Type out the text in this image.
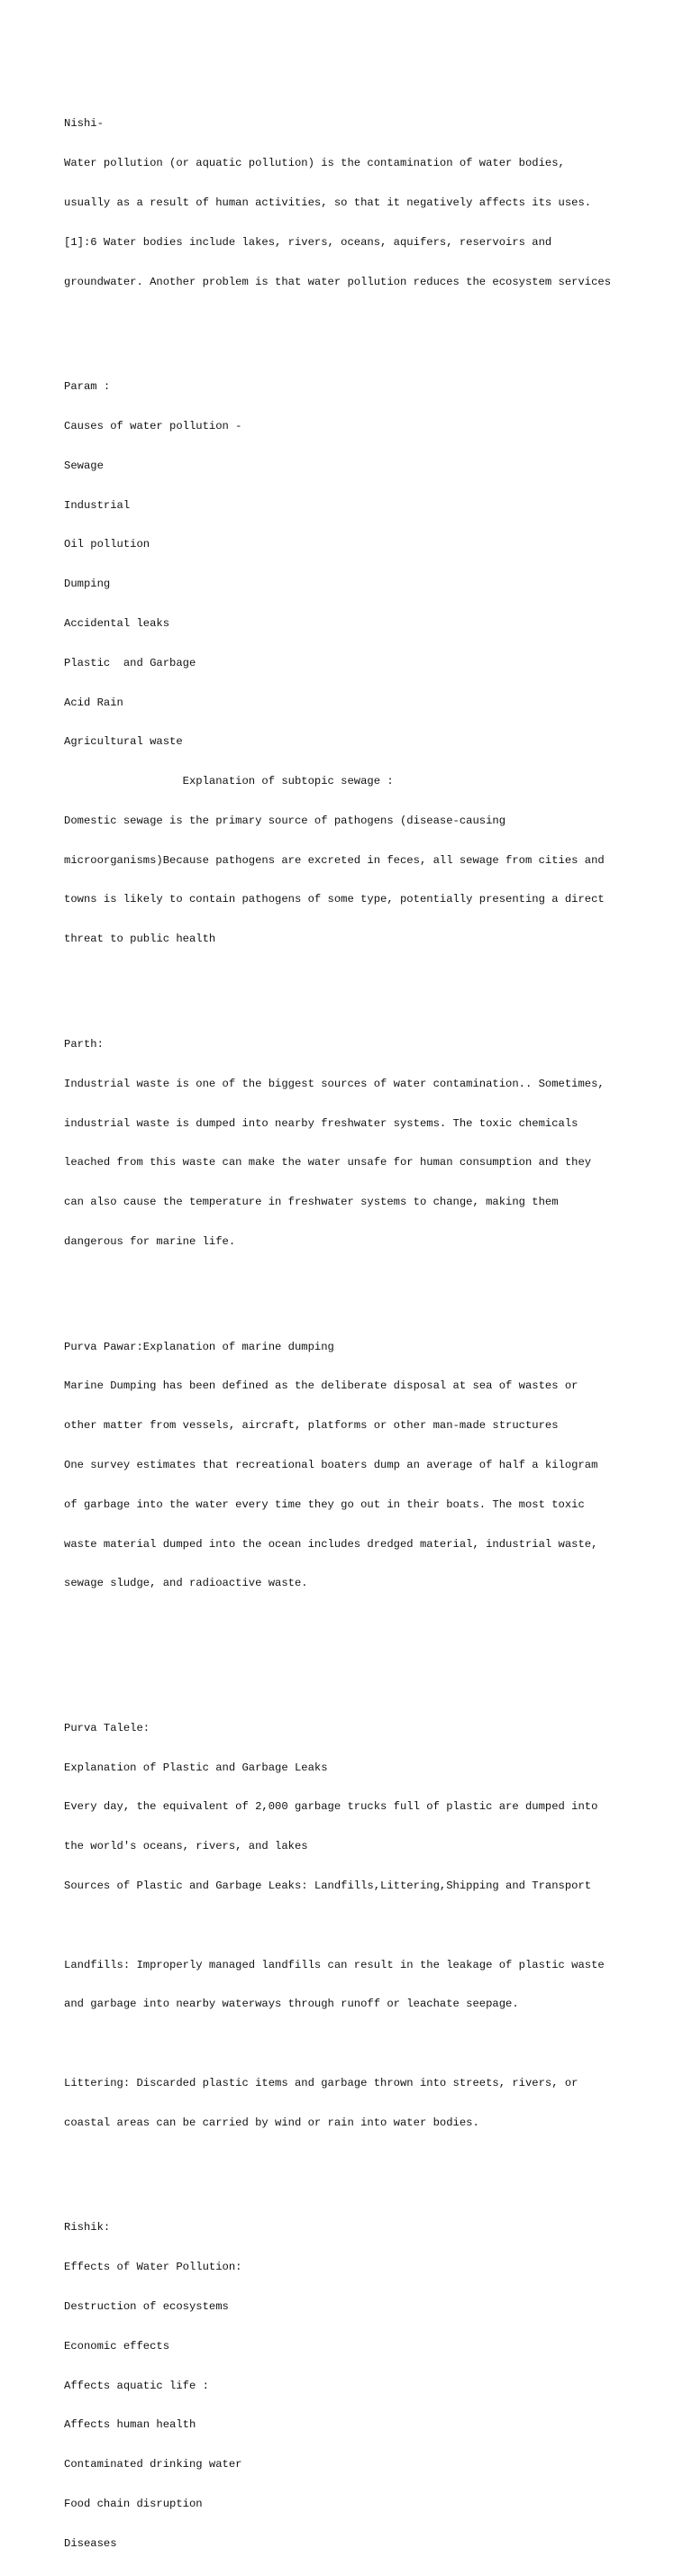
Nishi-

Water pollution (or aquatic pollution) is the contamination of water bodies,

usually as a result of human activities, so that it negatively affects its uses.

[1]:6 Water bodies include lakes, rivers, oceans, aquifers, reservoirs and

groundwater. Another problem is that water pollution reduces the ecosystem services

Param :

Causes of water pollution -

Sewage

Industrial

Oil pollution

Dumping

Accidental leaks

Plastic  and Garbage

Acid Rain

Agricultural waste

Explanation of subtopic sewage :

Domestic sewage is the primary source of pathogens (disease-causing

microorganisms)Because pathogens are excreted in feces, all sewage from cities and

towns is likely to contain pathogens of some type, potentially presenting a direct

threat to public health

Parth:

Industrial waste is one of the biggest sources of water contamination.. Sometimes,

industrial waste is dumped into nearby freshwater systems. The toxic chemicals

leached from this waste can make the water unsafe for human consumption and they

can also cause the temperature in freshwater systems to change, making them

dangerous for marine life.

Purva Pawar:Explanation of marine dumping

Marine Dumping has been defined as the deliberate disposal at sea of wastes or

other matter from vessels, aircraft, platforms or other man-made structures

One survey estimates that recreational boaters dump an average of half a kilogram

of garbage into the water every time they go out in their boats. The most toxic

waste material dumped into the ocean includes dredged material, industrial waste,

sewage sludge, and radioactive waste.

Purva Talele:

Explanation of Plastic and Garbage Leaks

Every day, the equivalent of 2,000 garbage trucks full of plastic are dumped into

the world's oceans, rivers, and lakes

Sources of Plastic and Garbage Leaks: Landfills,Littering,Shipping and Transport

Landfills: Improperly managed landfills can result in the leakage of plastic waste

and garbage into nearby waterways through runoff or leachate seepage.

Littering: Discarded plastic items and garbage thrown into streets, rivers, or

coastal areas can be carried by wind or rain into water bodies.

Rishik:

Effects of Water Pollution:

Destruction of ecosystems

Economic effects

Affects aquatic life :

Affects human health

Contaminated drinking water

Food chain disruption

Diseases
